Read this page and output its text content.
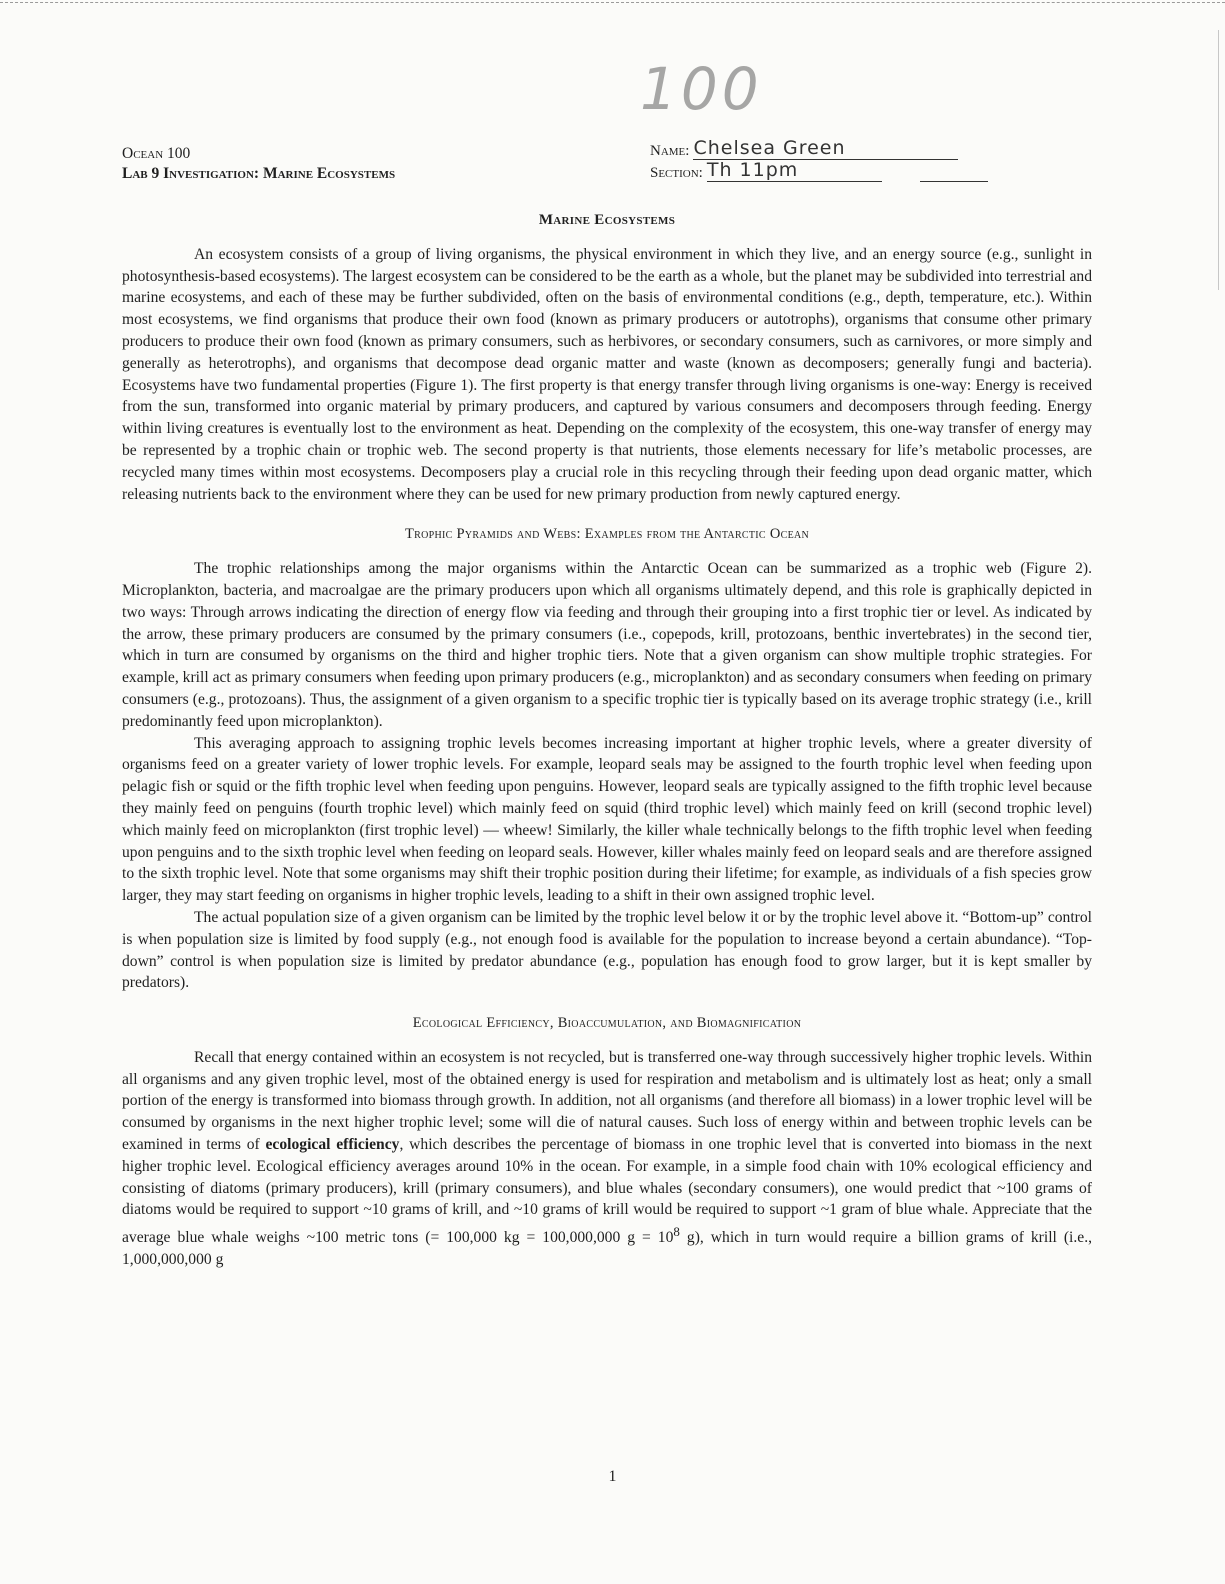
100
Ocean 100
Lab 9 Investigation: Marine Ecosystems
Name: Chelsea Green
Section: Th 11pm
Marine Ecosystems

An ecosystem consists of a group of living organisms, the physical environment in which they live, and an energy source (e.g., sunlight in photosynthesis-based ecosystems). The largest ecosystem can be considered to be the earth as a whole, but the planet may be subdivided into terrestrial and marine ecosystems, and each of these may be further subdivided, often on the basis of environmental conditions (e.g., depth, temperature, etc.). Within most ecosystems, we find organisms that produce their own food (known as primary producers or autotrophs), organisms that consume other primary producers to produce their own food (known as primary consumers, such as herbivores, or secondary consumers, such as carnivores, or more simply and generally as heterotrophs), and organisms that decompose dead organic matter and waste (known as decomposers; generally fungi and bacteria). Ecosystems have two fundamental properties (Figure 1). The first property is that energy transfer through living organisms is one-way: Energy is received from the sun, transformed into organic material by primary producers, and captured by various consumers and decomposers through feeding. Energy within living creatures is eventually lost to the environment as heat. Depending on the complexity of the ecosystem, this one-way transfer of energy may be represented by a trophic chain or trophic web. The second property is that nutrients, those elements necessary for life’s metabolic processes, are recycled many times within most ecosystems. Decomposers play a crucial role in this recycling through their feeding upon dead organic matter, which releasing nutrients back to the environment where they can be used for new primary production from newly captured energy.

Trophic Pyramids and Webs: Examples from the Antarctic Ocean

The trophic relationships among the major organisms within the Antarctic Ocean can be summarized as a trophic web (Figure 2). Microplankton, bacteria, and macroalgae are the primary producers upon which all organisms ultimately depend, and this role is graphically depicted in two ways: Through arrows indicating the direction of energy flow via feeding and through their grouping into a first trophic tier or level. As indicated by the arrow, these primary producers are consumed by the primary consumers (i.e., copepods, krill, protozoans, benthic invertebrates) in the second tier, which in turn are consumed by organisms on the third and higher trophic tiers. Note that a given organism can show multiple trophic strategies. For example, krill act as primary consumers when feeding upon primary producers (e.g., microplankton) and as secondary consumers when feeding on primary consumers (e.g., protozoans). Thus, the assignment of a given organism to a specific trophic tier is typically based on its average trophic strategy (i.e., krill predominantly feed upon microplankton).

This averaging approach to assigning trophic levels becomes increasing important at higher trophic levels, where a greater diversity of organisms feed on a greater variety of lower trophic levels. For example, leopard seals may be assigned to the fourth trophic level when feeding upon pelagic fish or squid or the fifth trophic level when feeding upon penguins. However, leopard seals are typically assigned to the fifth trophic level because they mainly feed on penguins (fourth trophic level) which mainly feed on squid (third trophic level) which mainly feed on krill (second trophic level) which mainly feed on microplankton (first trophic level) — wheew! Similarly, the killer whale technically belongs to the fifth trophic level when feeding upon penguins and to the sixth trophic level when feeding on leopard seals. However, killer whales mainly feed on leopard seals and are therefore assigned to the sixth trophic level. Note that some organisms may shift their trophic position during their lifetime; for example, as individuals of a fish species grow larger, they may start feeding on organisms in higher trophic levels, leading to a shift in their own assigned trophic level.

The actual population size of a given organism can be limited by the trophic level below it or by the trophic level above it. “Bottom-up” control is when population size is limited by food supply (e.g., not enough food is available for the population to increase beyond a certain abundance). “Top-down” control is when population size is limited by predator abundance (e.g., population has enough food to grow larger, but it is kept smaller by predators).

Ecological Efficiency, Bioaccumulation, and Biomagnification

Recall that energy contained within an ecosystem is not recycled, but is transferred one-way through successively higher trophic levels. Within all organisms and any given trophic level, most of the obtained energy is used for respiration and metabolism and is ultimately lost as heat; only a small portion of the energy is transformed into biomass through growth. In addition, not all organisms (and therefore all biomass) in a lower trophic level will be consumed by organisms in the next higher trophic level; some will die of natural causes. Such loss of energy within and between trophic levels can be examined in terms of ecological efficiency, which describes the percentage of biomass in one trophic level that is converted into biomass in the next higher trophic level. Ecological efficiency averages around 10% in the ocean. For example, in a simple food chain with 10% ecological efficiency and consisting of diatoms (primary producers), krill (primary consumers), and blue whales (secondary consumers), one would predict that ~100 grams of diatoms would be required to support ~10 grams of krill, and ~10 grams of krill would be required to support ~1 gram of blue whale. Appreciate that the average blue whale weighs ~100 metric tons (= 100,000 kg = 100,000,000 $g = 10^8$ g), which in turn would require a billion grams of krill (i.e., 1,000,000,000 g

1
